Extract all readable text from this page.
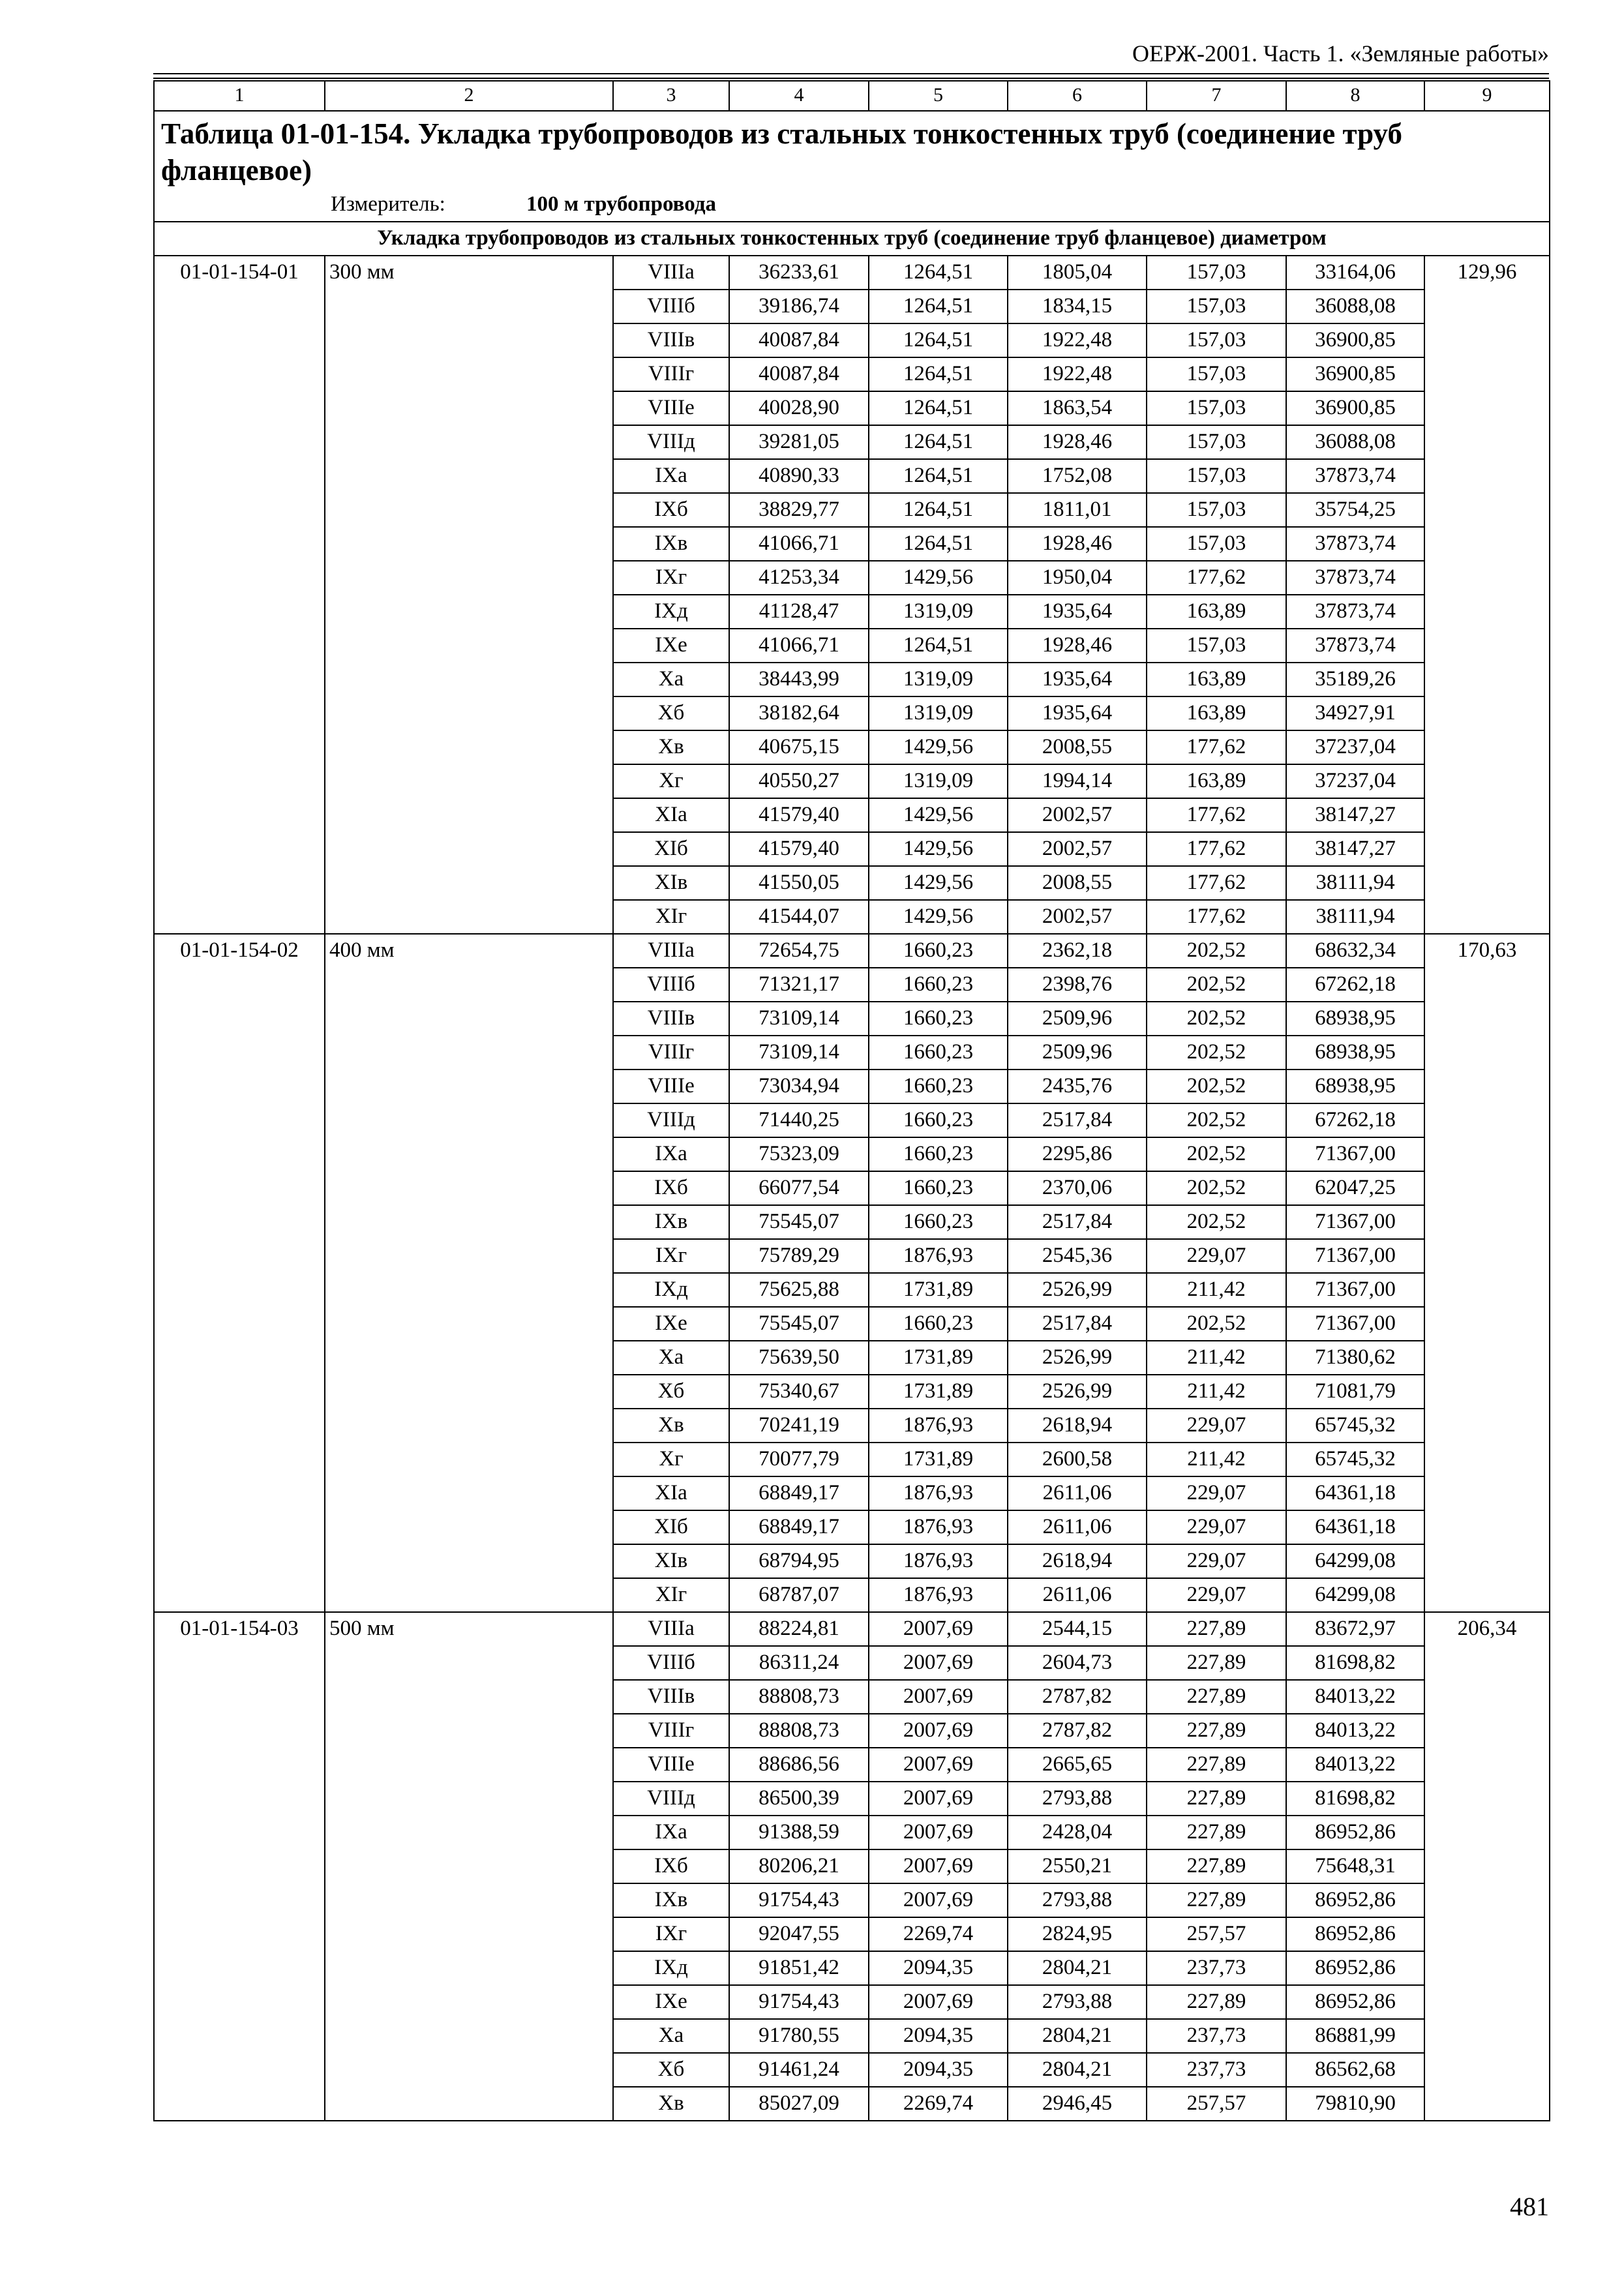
ОЕРЖ-2001. Часть 1. «Земляные работы»
1	2	3	4	5	6	7	8	9

Таблица 01-01-154. Укладка трубопроводов из стальных тонкостенных труб (соединение труб фланцевое)								

Измеритель: 100 м трубопровода								
Укладка трубопроводов из стальных тонкостенных труб (соединение труб фланцевое) диаметром								
01-01-154-01	300 мм	VIIIа	36233,61	1264,51	1805,04	157,03	33164,06	129,96
		VIIIб	39186,74	1264,51	1834,15	157,03	36088,08	
		VIIIв	40087,84	1264,51	1922,48	157,03	36900,85	
		VIIIг	40087,84	1264,51	1922,48	157,03	36900,85	
		VIIIе	40028,90	1264,51	1863,54	157,03	36900,85	
		VIIIд	39281,05	1264,51	1928,46	157,03	36088,08	
		IXа	40890,33	1264,51	1752,08	157,03	37873,74	
		IXб	38829,77	1264,51	1811,01	157,03	35754,25	
		IXв	41066,71	1264,51	1928,46	157,03	37873,74	
		IXг	41253,34	1429,56	1950,04	177,62	37873,74	
		IXд	41128,47	1319,09	1935,64	163,89	37873,74	
		IXе	41066,71	1264,51	1928,46	157,03	37873,74	
		Xа	38443,99	1319,09	1935,64	163,89	35189,26	
		Xб	38182,64	1319,09	1935,64	163,89	34927,91	
		Xв	40675,15	1429,56	2008,55	177,62	37237,04	
		Xг	40550,27	1319,09	1994,14	163,89	37237,04	
		XIа	41579,40	1429,56	2002,57	177,62	38147,27	
		XIб	41579,40	1429,56	2002,57	177,62	38147,27	
		XIв	41550,05	1429,56	2008,55	177,62	38111,94	
		XIг	41544,07	1429,56	2002,57	177,62	38111,94	
01-01-154-02	400 мм	VIIIа	72654,75	1660,23	2362,18	202,52	68632,34	170,63
		VIIIб	71321,17	1660,23	2398,76	202,52	67262,18	
		VIIIв	73109,14	1660,23	2509,96	202,52	68938,95	
		VIIIг	73109,14	1660,23	2509,96	202,52	68938,95	
		VIIIе	73034,94	1660,23	2435,76	202,52	68938,95	
		VIIIд	71440,25	1660,23	2517,84	202,52	67262,18	
		IXа	75323,09	1660,23	2295,86	202,52	71367,00	
		IXб	66077,54	1660,23	2370,06	202,52	62047,25	
		IXв	75545,07	1660,23	2517,84	202,52	71367,00	
		IXг	75789,29	1876,93	2545,36	229,07	71367,00	
		IXд	75625,88	1731,89	2526,99	211,42	71367,00	
		IXе	75545,07	1660,23	2517,84	202,52	71367,00	
		Xа	75639,50	1731,89	2526,99	211,42	71380,62	
		Xб	75340,67	1731,89	2526,99	211,42	71081,79	
		Xв	70241,19	1876,93	2618,94	229,07	65745,32	
		Xг	70077,79	1731,89	2600,58	211,42	65745,32	
		XIа	68849,17	1876,93	2611,06	229,07	64361,18	
		XIб	68849,17	1876,93	2611,06	229,07	64361,18	
		XIв	68794,95	1876,93	2618,94	229,07	64299,08	
		XIг	68787,07	1876,93	2611,06	229,07	64299,08	
01-01-154-03	500 мм	VIIIа	88224,81	2007,69	2544,15	227,89	83672,97	206,34
		VIIIб	86311,24	2007,69	2604,73	227,89	81698,82	
		VIIIв	88808,73	2007,69	2787,82	227,89	84013,22	
		VIIIг	88808,73	2007,69	2787,82	227,89	84013,22	
		VIIIе	88686,56	2007,69	2665,65	227,89	84013,22	
		VIIIд	86500,39	2007,69	2793,88	227,89	81698,82	
		IXа	91388,59	2007,69	2428,04	227,89	86952,86	
		IXб	80206,21	2007,69	2550,21	227,89	75648,31	
		IXв	91754,43	2007,69	2793,88	227,89	86952,86	
		IXг	92047,55	2269,74	2824,95	257,57	86952,86	
		IXд	91851,42	2094,35	2804,21	237,73	86952,86	
		IXе	91754,43	2007,69	2793,88	227,89	86952,86	
		Xа	91780,55	2094,35	2804,21	237,73	86881,99	
		Xб	91461,24	2094,35	2804,21	237,73	86562,68	
		Xв	85027,09	2269,74	2946,45	257,57	79810,90	
481
